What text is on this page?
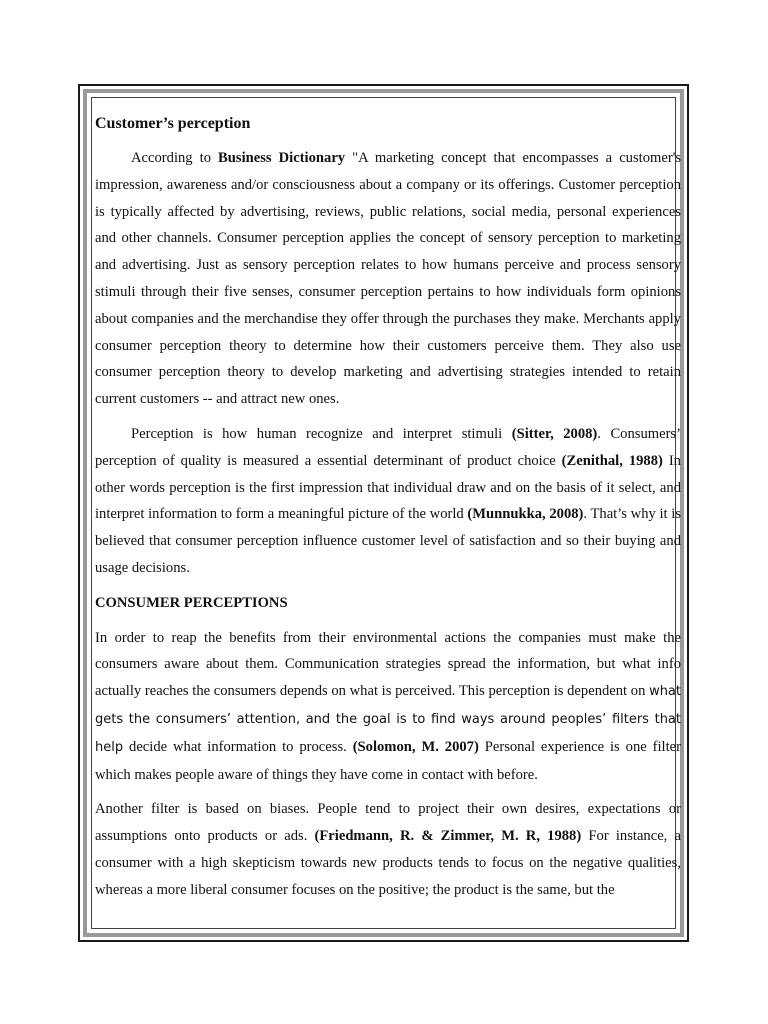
Customer’s perception

According to Business Dictionary "A marketing concept that encompasses a customer's impression, awareness and/or consciousness about a company or its offerings. Customer perception is typically affected by advertising, reviews, public relations, social media, personal experiences and other channels. Consumer perception applies the concept of sensory perception to marketing and advertising. Just as sensory perception relates to how humans perceive and process sensory stimuli through their five senses, consumer perception pertains to how individuals form opinions about companies and the merchandise they offer through the purchases they make. Merchants apply consumer perception theory to determine how their customers perceive them. They also use consumer perception theory to develop marketing and advertising strategies intended to retain current customers -- and attract new ones.

Perception is how human recognize and interpret stimuli (Sitter, 2008). Consumers’ perception of quality is measured a essential determinant of product choice (Zenithal, 1988) In other words perception is the first impression that individual draw and on the basis of it select, and interpret information to form a meaningful picture of the world (Munnukka, 2008). That’s why it is believed that consumer perception influence customer level of satisfaction and so their buying and usage decisions.

CONSUMER PERCEPTIONS

In order to reap the benefits from their environmental actions the companies must make the consumers aware about them. Communication strategies spread the information, but what info actually reaches the consumers depends on what is perceived. This perception is dependent on what gets the consumers’ attention, and the goal is to find ways around peoples’ filters that help decide what information to process. (Solomon, M. 2007) Personal experience is one filter which makes people aware of things they have come in contact with before.

Another filter is based on biases. People tend to project their own desires, expectations or assumptions onto products or ads. (Friedmann, R. & Zimmer, M. R, 1988) For instance, a consumer with a high skepticism towards new products tends to focus on the negative qualities, whereas a more liberal consumer focuses on the positive; the product is the same, but the
